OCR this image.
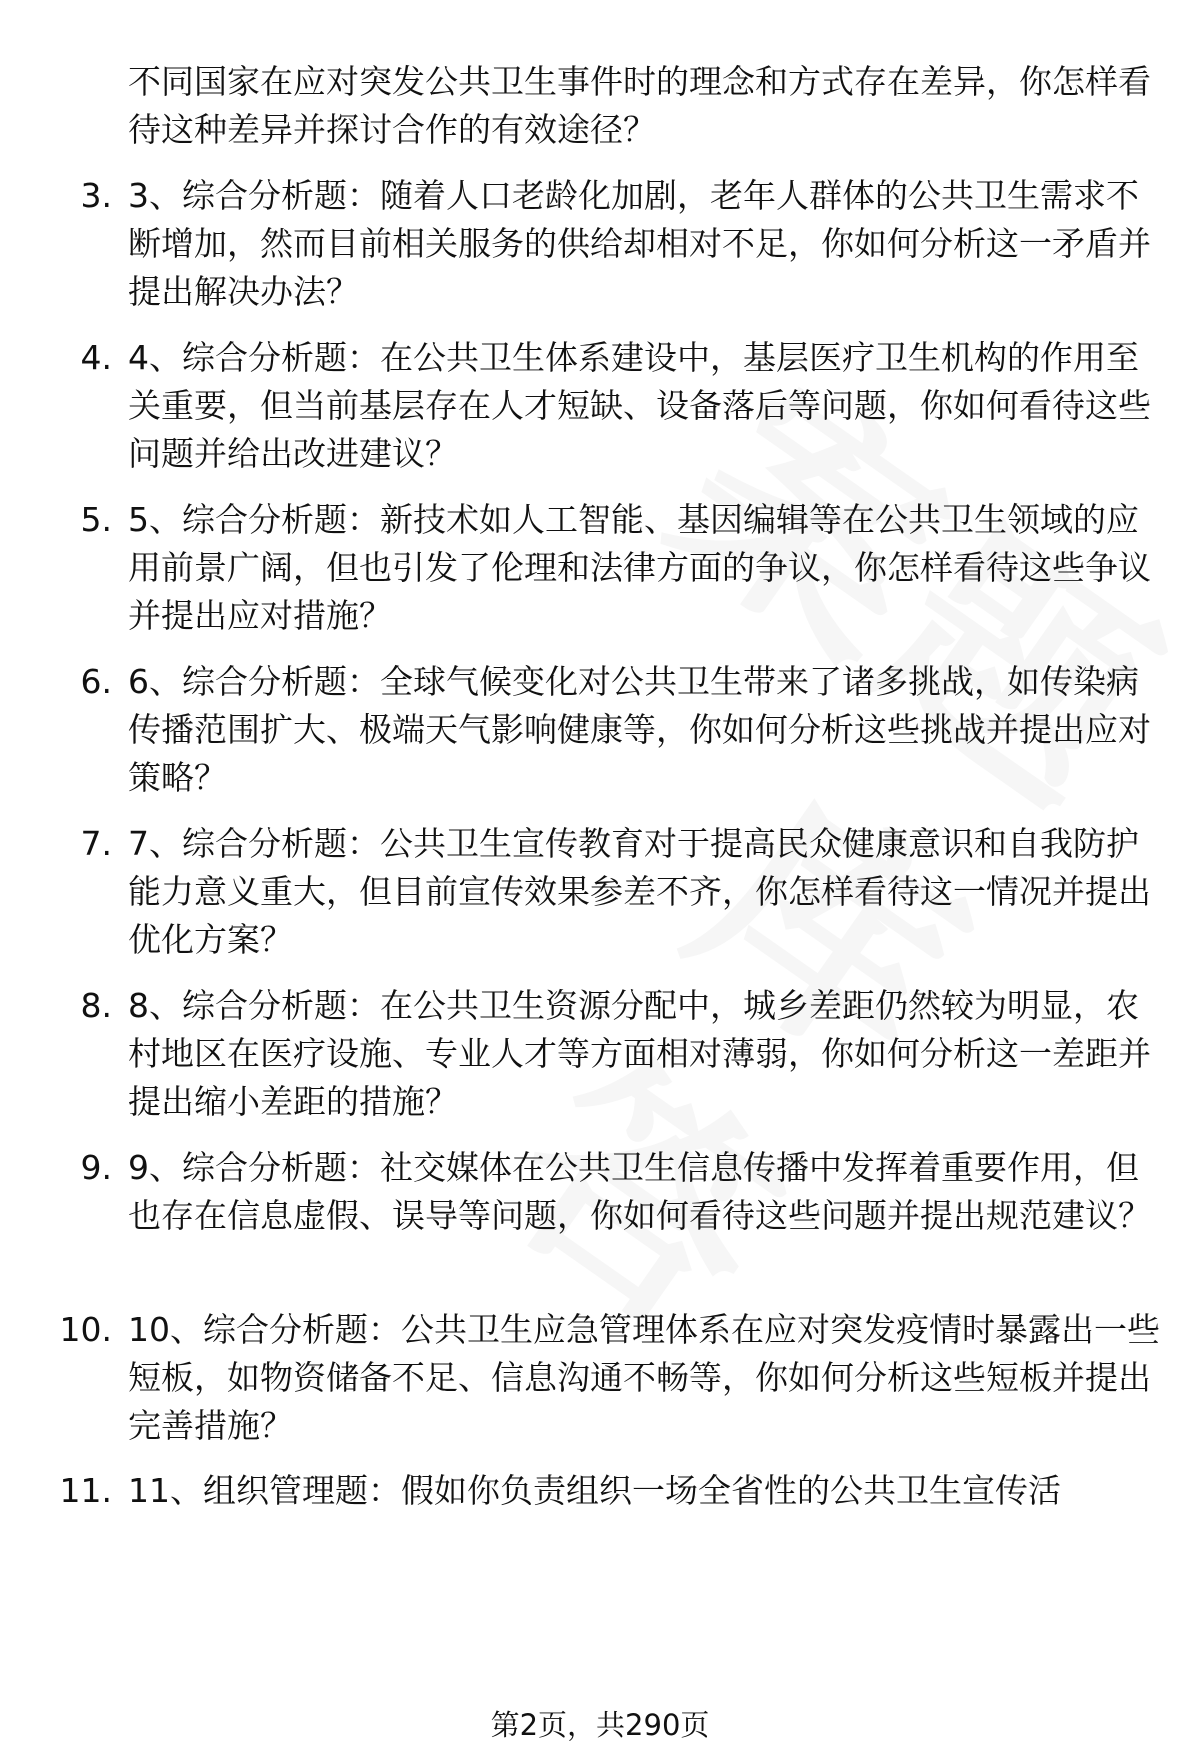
不同国家在应对突发公共卫生事件时的理念和方式存在差异，你怎样看待这种差异并探讨合作的有效途径？

3. 3、综合分析题：随着人口老龄化加剧，老年人群体的公共卫生需求不断增加，然而目前相关服务的供给却相对不足，你如何分析这一矛盾并提出解决办法？
4. 4、综合分析题：在公共卫生体系建设中，基层医疗卫生机构的作用至关重要，但当前基层存在人才短缺、设备落后等问题，你如何看待这些问题并给出改进建议？
5. 5、综合分析题：新技术如人工智能、基因编辑等在公共卫生领域的应用前景广阔，但也引发了伦理和法律方面的争议，你怎样看待这些争议并提出应对措施？
6. 6、综合分析题：全球气候变化对公共卫生带来了诸多挑战，如传染病传播范围扩大、极端天气影响健康等，你如何分析这些挑战并提出应对策略？
7. 7、综合分析题：公共卫生宣传教育对于提高民众健康意识和自我防护能力意义重大，但目前宣传效果参差不齐，你怎样看待这一情况并提出优化方案？
8. 8、综合分析题：在公共卫生资源分配中，城乡差距仍然较为明显，农村地区在医疗设施、专业人才等方面相对薄弱，你如何分析这一差距并提出缩小差距的措施？
9. 9、综合分析题：社交媒体在公共卫生信息传播中发挥着重要作用，但也存在信息虚假、误导等问题，你如何看待这些问题并提出规范建议？
10. 10、综合分析题：公共卫生应急管理体系在应对突发疫情时暴露出一些短板，如物资储备不足、信息沟通不畅等，你如何分析这些短板并提出完善措施？
11. 11、组织管理题：假如你负责组织一场全省性的公共卫生宣传活
第2页，共290页
